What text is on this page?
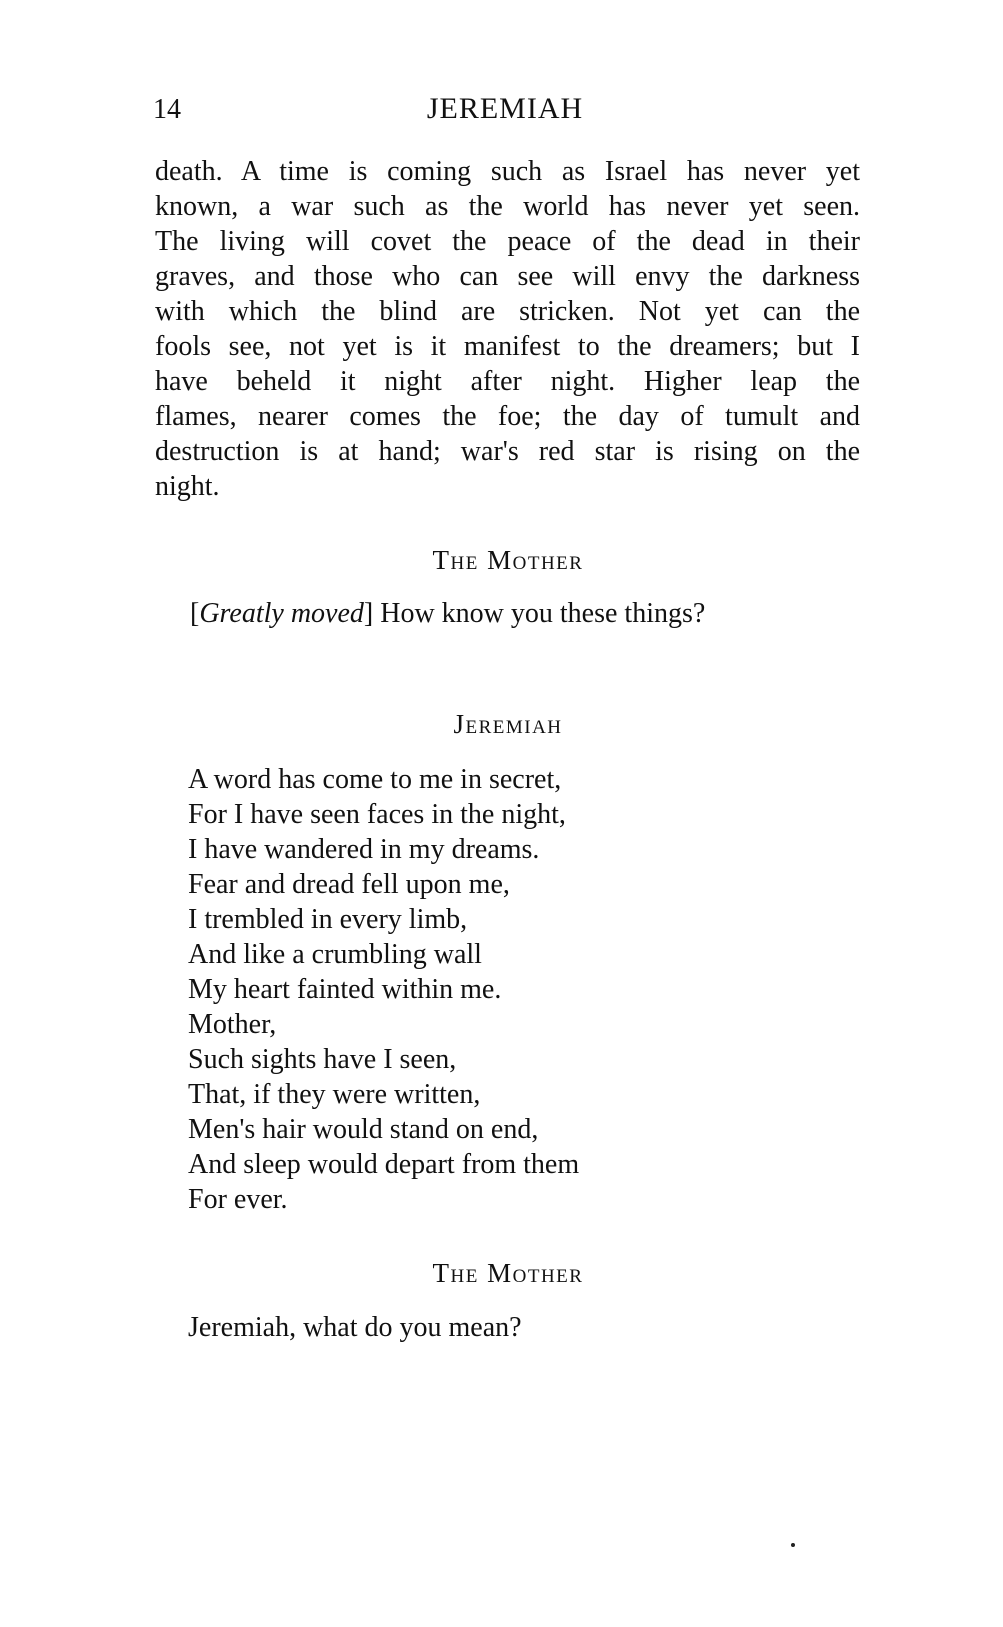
14	JEREMIAH
death. A time is coming such as Israel has never yet
known, a war such as the world has never yet seen.
The living will covet the peace of the dead in their
graves, and those who can see will envy the darkness
with which the blind are stricken. Not yet can the
fools see, not yet is it manifest to the dreamers; but I
have beheld it night after night. Higher leap the
flames, nearer comes the foe; the day of tumult and
destruction is at hand; war's red star is rising on the
night.
The Mother
[Greatly moved] How know you these things?
Jeremiah
A word has come to me in secret,
For I have seen faces in the night,
I have wandered in my dreams.
Fear and dread fell upon me,
I trembled in every limb,
And like a crumbling wall
My heart fainted within me.
Mother,
Such sights have I seen,
That, if they were written,
Men's hair would stand on end,
And sleep would depart from them
For ever.
The Mother
Jeremiah, what do you mean?
